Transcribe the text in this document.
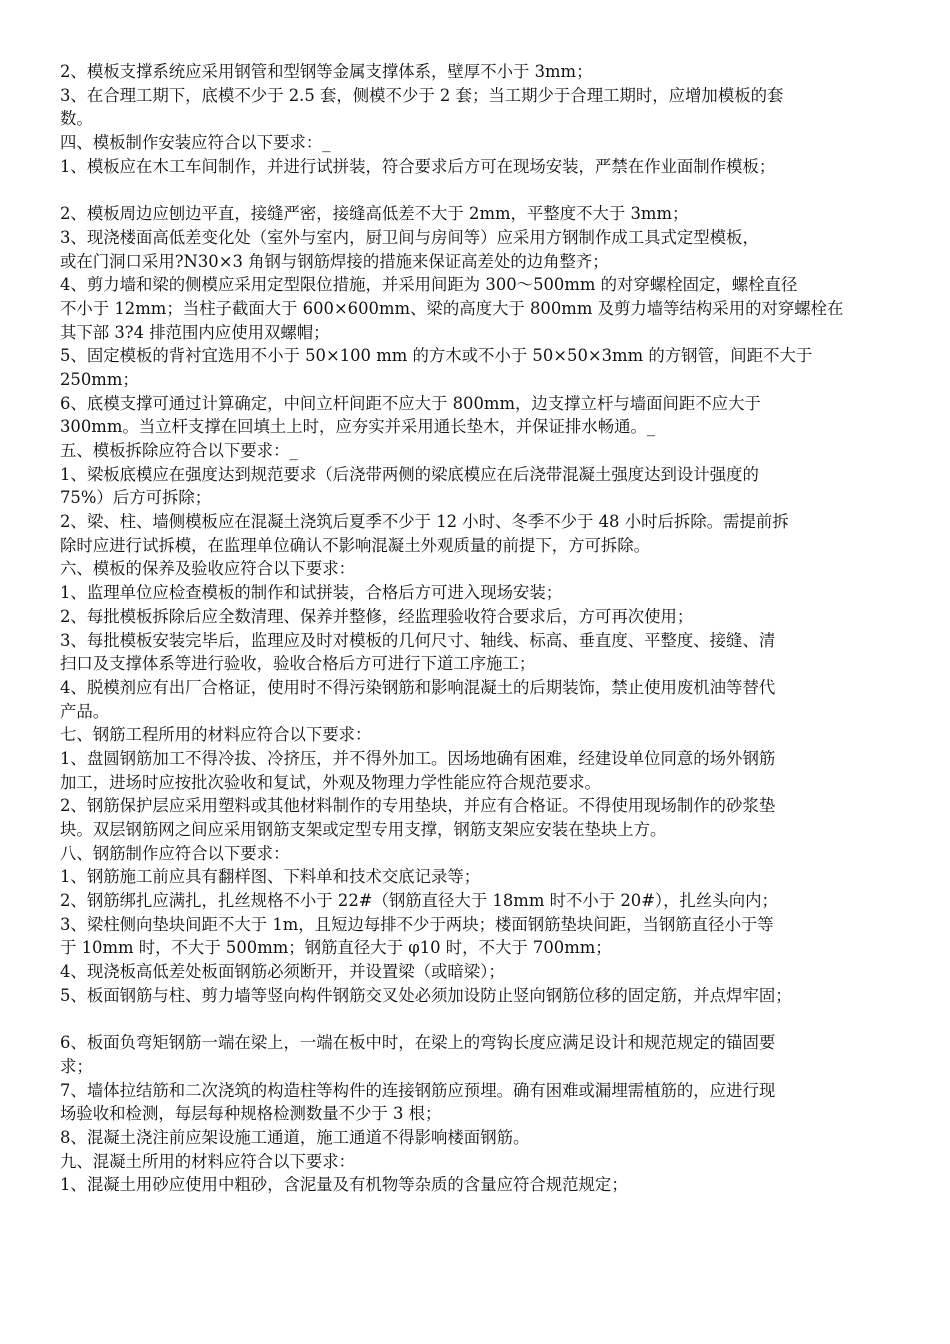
2、模板支撑系统应采用钢管和型钢等金属支撑体系，壁厚不小于 3mm；
3、在合理工期下，底模不少于 2.5 套，侧模不少于 2 套；当工期少于合理工期时，应增加模板的套
数。
四、模板制作安装应符合以下要求：_
1、模板应在木工车间制作，并进行试拼装，符合要求后方可在现场安装，严禁在作业面制作模板；
2、模板周边应刨边平直，接缝严密，接缝高低差不大于 2mm，平整度不大于 3mm；
3、现浇楼面高低差变化处（室外与室内，厨卫间与房间等）应采用方钢制作成工具式定型模板，
或在门洞口采用?N30×3 角钢与钢筋焊接的措施来保证高差处的边角整齐；
4、剪力墙和梁的侧模应采用定型限位措施，并采用间距为 300～500mm 的对穿螺栓固定，螺栓直径
不小于 12mm；当柱子截面大于 600×600mm、梁的高度大于 800mm 及剪力墙等结构采用的对穿螺栓在
其下部 3?4 排范围内应使用双螺帽；
5、固定模板的背衬宜选用不小于 50×100 mm 的方木或不小于 50×50×3mm 的方钢管，间距不大于
250mm；
6、底模支撑可通过计算确定，中间立杆间距不应大于 800mm，边支撑立杆与墙面间距不应大于
300mm。当立杆支撑在回填土上时，应夯实并采用通长垫木，并保证排水畅通。_
五、模板拆除应符合以下要求：_
1、梁板底模应在强度达到规范要求（后浇带两侧的梁底模应在后浇带混凝土强度达到设计强度的
75%）后方可拆除；
2、梁、柱、墙侧模板应在混凝土浇筑后夏季不少于 12 小时、冬季不少于 48 小时后拆除。需提前拆
除时应进行试拆模，在监理单位确认不影响混凝土外观质量的前提下，方可拆除。
六、模板的保养及验收应符合以下要求：
1、监理单位应检查模板的制作和试拼装，合格后方可进入现场安装；
2、每批模板拆除后应全数清理、保养并整修，经监理验收符合要求后，方可再次使用；
3、每批模板安装完毕后，监理应及时对模板的几何尺寸、轴线、标高、垂直度、平整度、接缝、清
扫口及支撑体系等进行验收，验收合格后方可进行下道工序施工；
4、脱模剂应有出厂合格证，使用时不得污染钢筋和影响混凝土的后期装饰，禁止使用废机油等替代
产品。
七、钢筋工程所用的材料应符合以下要求：
1、盘圆钢筋加工不得冷拔、冷挤压，并不得外加工。因场地确有困难，经建设单位同意的场外钢筋
加工，进场时应按批次验收和复试，外观及物理力学性能应符合规范要求。
2、钢筋保护层应采用塑料或其他材料制作的专用垫块，并应有合格证。不得使用现场制作的砂浆垫
块。双层钢筋网之间应采用钢筋支架或定型专用支撑，钢筋支架应安装在垫块上方。
八、钢筋制作应符合以下要求：
1、钢筋施工前应具有翻样图、下料单和技术交底记录等；
2、钢筋绑扎应满扎，扎丝规格不小于 22#（钢筋直径大于 18mm 时不小于 20#），扎丝头向内；
3、梁柱侧向垫块间距不大于 1m，且短边每排不少于两块；楼面钢筋垫块间距，当钢筋直径小于等
于 10mm 时，不大于 500mm；钢筋直径大于 φ10 时，不大于 700mm；
4、现浇板高低差处板面钢筋必须断开，并设置梁（或暗梁）；
5、板面钢筋与柱、剪力墙等竖向构件钢筋交叉处必须加设防止竖向钢筋位移的固定筋，并点焊牢固；
6、板面负弯矩钢筋一端在梁上，一端在板中时，在梁上的弯钩长度应满足设计和规范规定的锚固要
求；
7、墙体拉结筋和二次浇筑的构造柱等构件的连接钢筋应预埋。确有困难或漏埋需植筋的，应进行现
场验收和检测，每层每种规格检测数量不少于 3 根；
8、混凝土浇注前应架设施工通道，施工通道不得影响楼面钢筋。
九、混凝土所用的材料应符合以下要求：
1、混凝土用砂应使用中粗砂，含泥量及有机物等杂质的含量应符合规范规定；
